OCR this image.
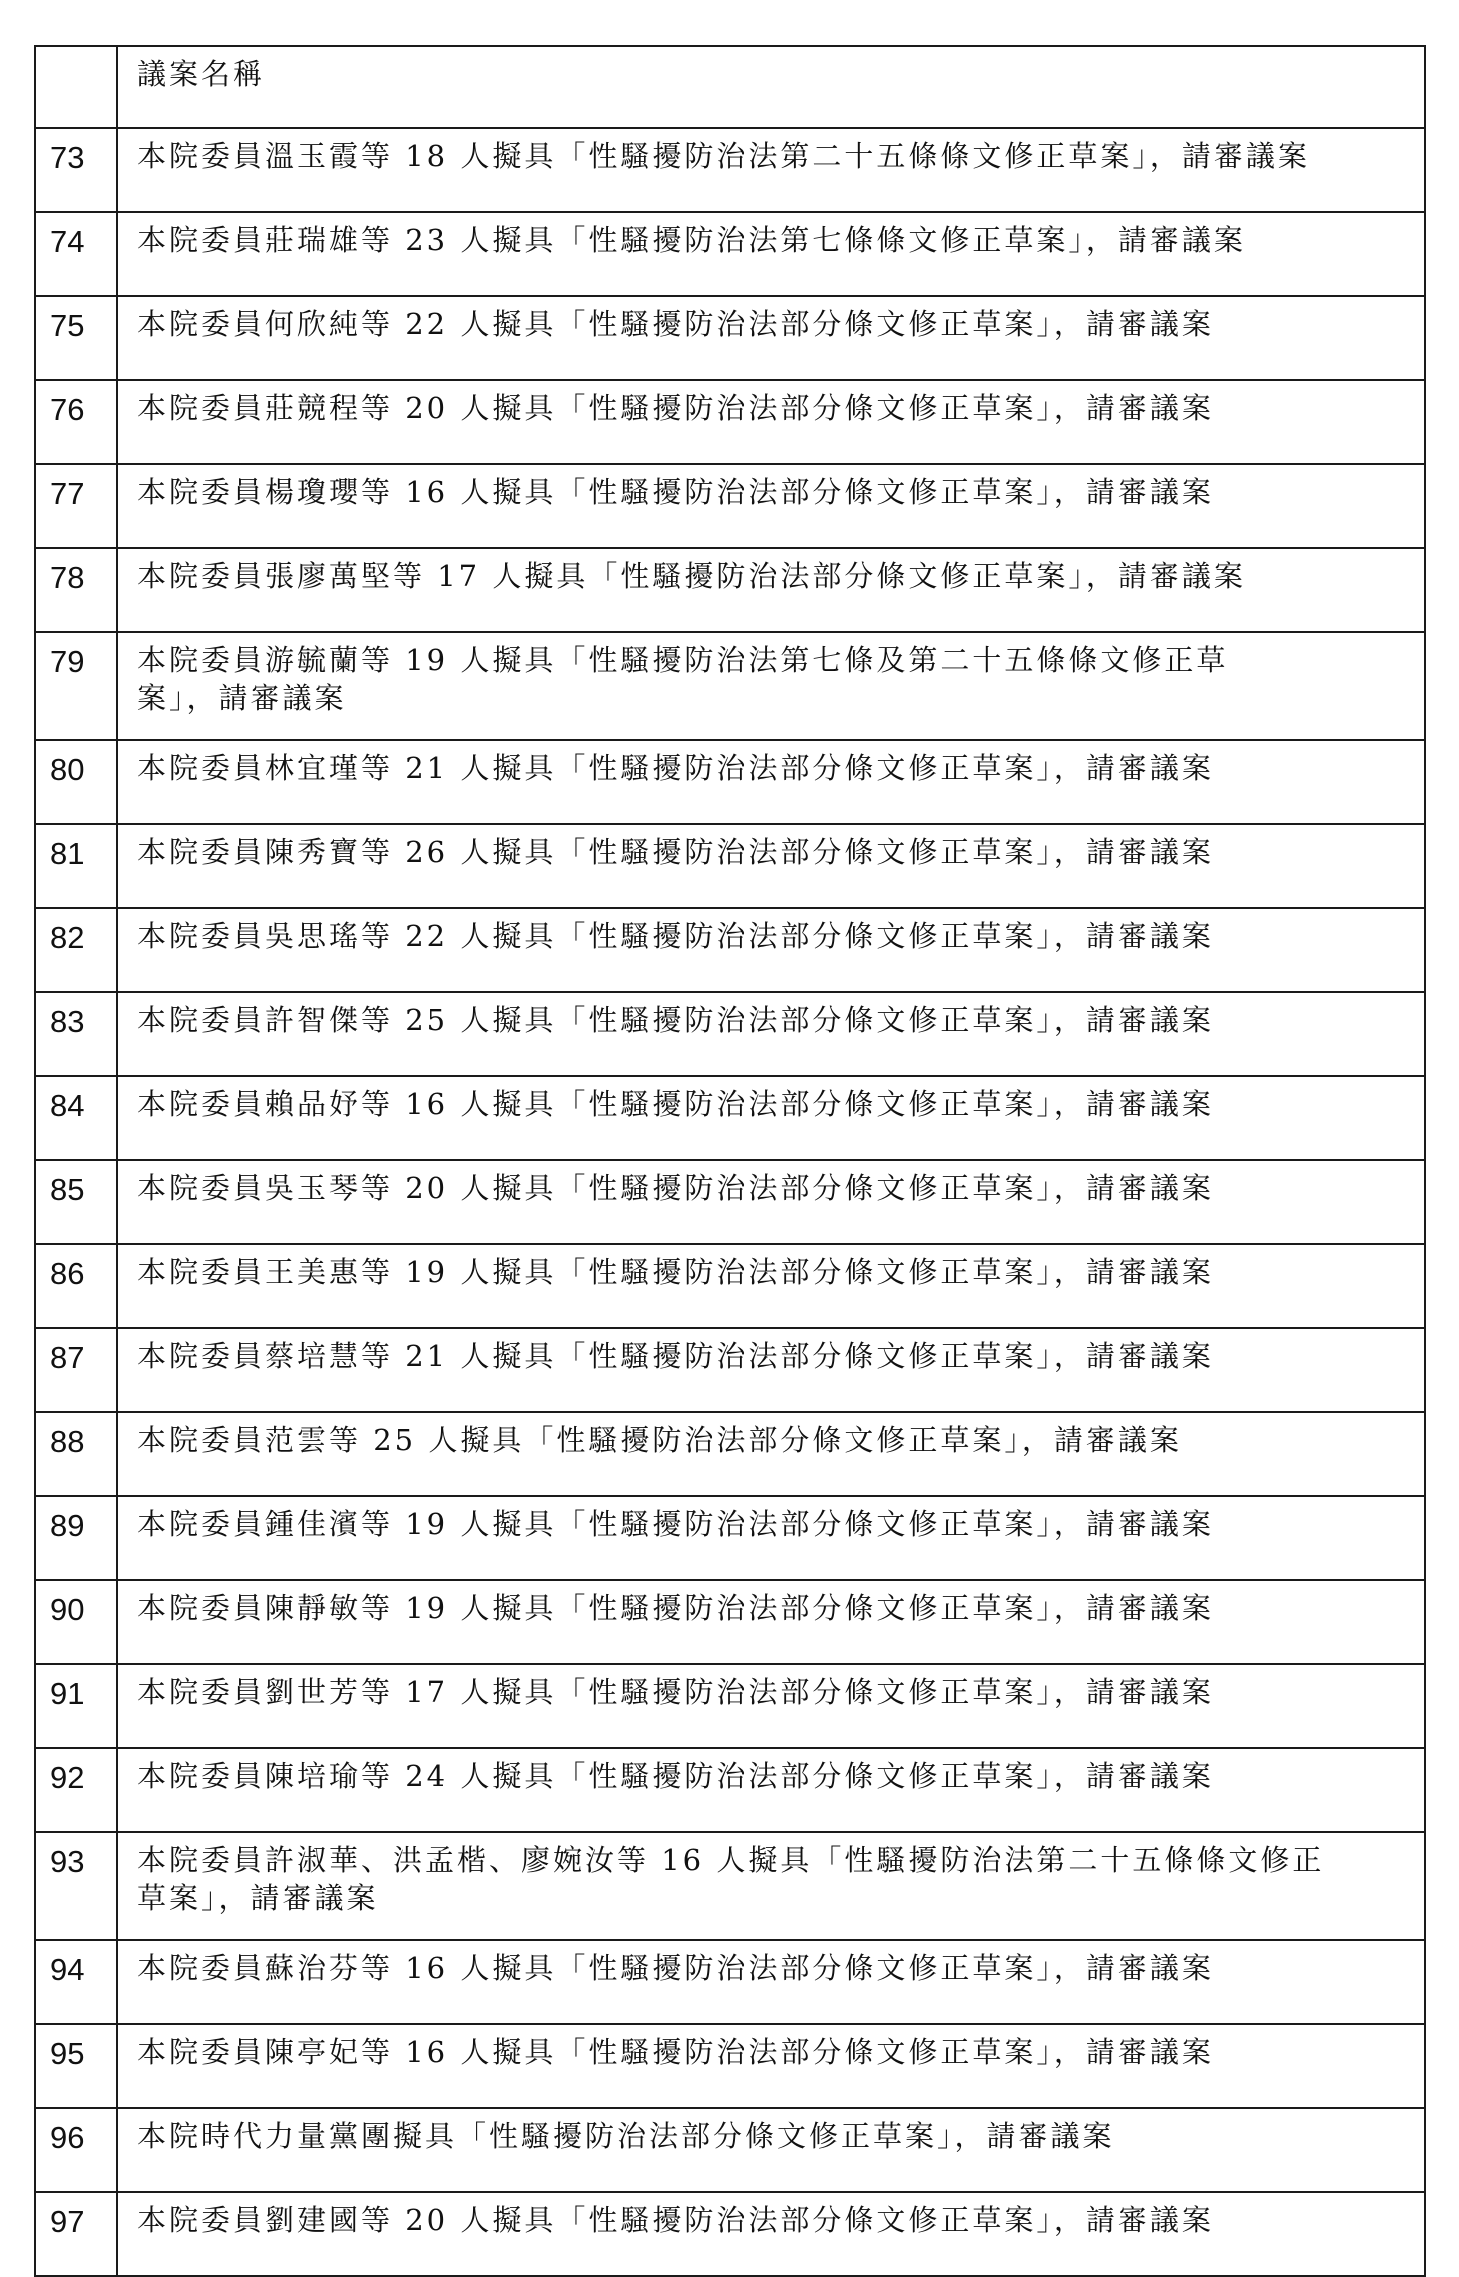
	議案名稱
73	本院委員溫玉霞等 18 人擬具「性騷擾防治法第二十五條條文修正草案」，請審議案
74	本院委員莊瑞雄等 23 人擬具「性騷擾防治法第七條條文修正草案」，請審議案
75	本院委員何欣純等 22 人擬具「性騷擾防治法部分條文修正草案」，請審議案
76	本院委員莊競程等 20 人擬具「性騷擾防治法部分條文修正草案」，請審議案
77	本院委員楊瓊瓔等 16 人擬具「性騷擾防治法部分條文修正草案」，請審議案
78	本院委員張廖萬堅等 17 人擬具「性騷擾防治法部分條文修正草案」，請審議案
79	本院委員游毓蘭等 19 人擬具「性騷擾防治法第七條及第二十五條條文修正草
案」，請審議案
80	本院委員林宜瑾等 21 人擬具「性騷擾防治法部分條文修正草案」，請審議案
81	本院委員陳秀寶等 26 人擬具「性騷擾防治法部分條文修正草案」，請審議案
82	本院委員吳思瑤等 22 人擬具「性騷擾防治法部分條文修正草案」，請審議案
83	本院委員許智傑等 25 人擬具「性騷擾防治法部分條文修正草案」，請審議案
84	本院委員賴品妤等 16 人擬具「性騷擾防治法部分條文修正草案」，請審議案
85	本院委員吳玉琴等 20 人擬具「性騷擾防治法部分條文修正草案」，請審議案
86	本院委員王美惠等 19 人擬具「性騷擾防治法部分條文修正草案」，請審議案
87	本院委員蔡培慧等 21 人擬具「性騷擾防治法部分條文修正草案」，請審議案
88	本院委員范雲等 25 人擬具「性騷擾防治法部分條文修正草案」，請審議案
89	本院委員鍾佳濱等 19 人擬具「性騷擾防治法部分條文修正草案」，請審議案
90	本院委員陳靜敏等 19 人擬具「性騷擾防治法部分條文修正草案」，請審議案
91	本院委員劉世芳等 17 人擬具「性騷擾防治法部分條文修正草案」，請審議案
92	本院委員陳培瑜等 24 人擬具「性騷擾防治法部分條文修正草案」，請審議案
93	本院委員許淑華、洪孟楷、廖婉汝等 16 人擬具「性騷擾防治法第二十五條條文修正
草案」，請審議案
94	本院委員蘇治芬等 16 人擬具「性騷擾防治法部分條文修正草案」，請審議案
95	本院委員陳亭妃等 16 人擬具「性騷擾防治法部分條文修正草案」，請審議案
96	本院時代力量黨團擬具「性騷擾防治法部分條文修正草案」，請審議案
97	本院委員劉建國等 20 人擬具「性騷擾防治法部分條文修正草案」，請審議案
